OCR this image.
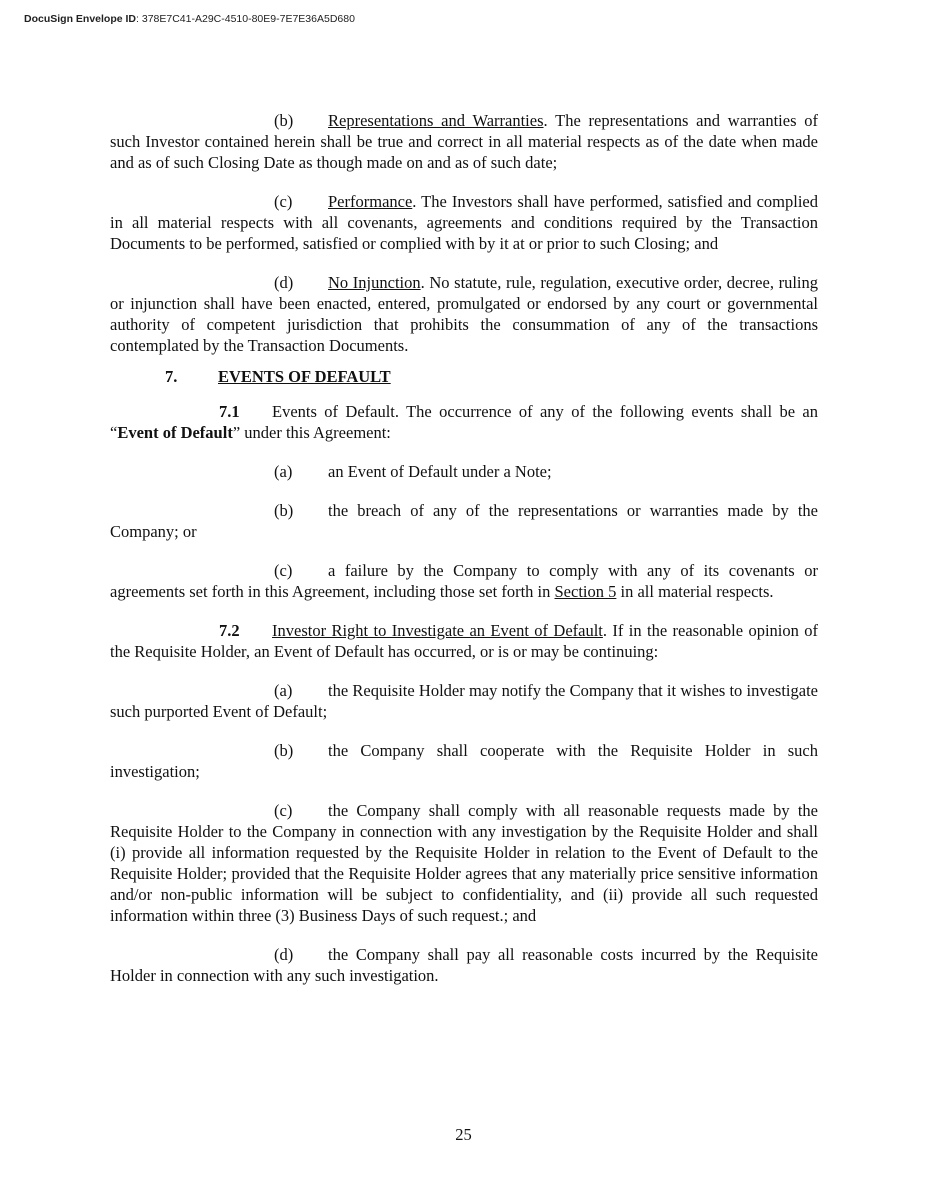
DocuSign Envelope ID: 378E7C41-A29C-4510-80E9-7E7E36A5D680

(b) Representations and Warranties. The representations and warranties of such Investor contained herein shall be true and correct in all material respects as of the date when made and as of such Closing Date as though made on and as of such date;

(c) Performance. The Investors shall have performed, satisfied and complied in all material respects with all covenants, agreements and conditions required by the Transaction Documents to be performed, satisfied or complied with by it at or prior to such Closing; and

(d) No Injunction. No statute, rule, regulation, executive order, decree, ruling or injunction shall have been enacted, entered, promulgated or endorsed by any court or governmental authority of competent jurisdiction that prohibits the consummation of any of the transactions contemplated by the Transaction Documents.

7. EVENTS OF DEFAULT

7.1 Events of Default. The occurrence of any of the following events shall be an “Event of Default” under this Agreement:

(a) an Event of Default under a Note;

(b) the breach of any of the representations or warranties made by the Company; or

(c) a failure by the Company to comply with any of its covenants or agreements set forth in this Agreement, including those set forth in Section 5 in all material respects.

7.2 Investor Right to Investigate an Event of Default. If in the reasonable opinion of the Requisite Holder, an Event of Default has occurred, or is or may be continuing:

(a) the Requisite Holder may notify the Company that it wishes to investigate such purported Event of Default;

(b) the Company shall cooperate with the Requisite Holder in such investigation;

(c) the Company shall comply with all reasonable requests made by the Requisite Holder to the Company in connection with any investigation by the Requisite Holder and shall (i) provide all information requested by the Requisite Holder in relation to the Event of Default to the Requisite Holder; provided that the Requisite Holder agrees that any materially price sensitive information and/or non-public information will be subject to confidentiality, and (ii) provide all such requested information within three (3) Business Days of such request.; and

(d) the Company shall pay all reasonable costs incurred by the Requisite Holder in connection with any such investigation.

25
